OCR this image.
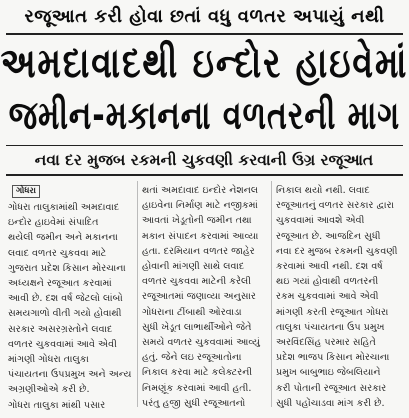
રજૂઆત કરી હોવા છતાં વધુ વળતર અપાયું નથી
અમદાવાદથી ઇન્દોર હાઇવેમાં
જમીન-મકાનના વળતરની માગ
નવા દર મુજબ રકમની ચુકવણી કરવાની ઉગ્ર રજૂઆત

ગોધરા

ગોધરા તાલુકામાંથી અમદાવાદ

ઇન્દોર હાઇવેમાં સંપાદિત

થયેલી જમીન અને મકાનના

લવાદ વળતર ચુકવવા માટે

ગુજરાત પ્રદેશ કિસાન મોરચાના

અધ્યક્ષને રજૂઆત કરવામાં

આવી છે. દશ વર્ષ જેટલો લાંબો

સમયગાળો વીતી ગયો હોવાથી

સરકાર અસરગ્રસ્તોને લવાદ

વળતર ચુકવવામાં આવે એવી

માંગણી ગોધરા તાલુકા

પંચાયતના ઉપપ્રમુખ અને અન્ય

અગ્રણીઓએ કરી છે.

ગોધરા તાલુકા માંથી પસાર

થતાં અમદાવાદ ઇન્દોર નેશનલ

હાઇવેના નિર્માણ માટે નજીકમાં

આવતાં ખેડૂતોની જમીન તથા

મકાન સંપાદન કરવામાં આવ્યા

હતા. દરમિયાન વળતર જાહેર

હોવાની માંગણી સાથે લવાદ

વળતર ચુકવવા માટેની કરેલી

રજૂઆતમાં જણાવ્યા અનુસાર

ગોધરાના ટીંબાથી ઓરવાડા

સુધી ખેડૂત લાભાર્થીઓને જેતે

સમયે વળતર ચુકવવામાં આવ્યું

હતું. જેને લઇ રજૂઆતોના

નિકાલ કરવા માટે કલેક્ટરની

નિમણૂંક કરવામાં આવી હતી.

પરંતુ હજી સુધી રજૂઆતનો

નિકાલ થયો નથી. લવાદ

રજૂઆતનું વળતર સરકાર દ્વારા

ચુકવવામાં આવશે એવી

રજૂઆત છે. આજદિન સુધી

નવા દર મુજબ રકમની ચુકવણી

કરવામાં આવી નથી. દશ વર્ષ

થઇ ગયાં હોવાથી વળતરની

રકમ ચુકવવામાં આવે એવી

માંગણી કરતી રજૂઆત ગોધરા

તાલુકા પંચાયતના ઉપ પ્રમુખ

અરવિંદસિંહ પરમાર સહિતે

પ્રદેશ ભાજપ કિસાન મોરચાના

પ્રમુખ બાબુભાઇ જેબલિયાને

કરી પોતાની રજૂઆત સરકાર

સુધી પહોંચાડવા માંગ કરી છે.
